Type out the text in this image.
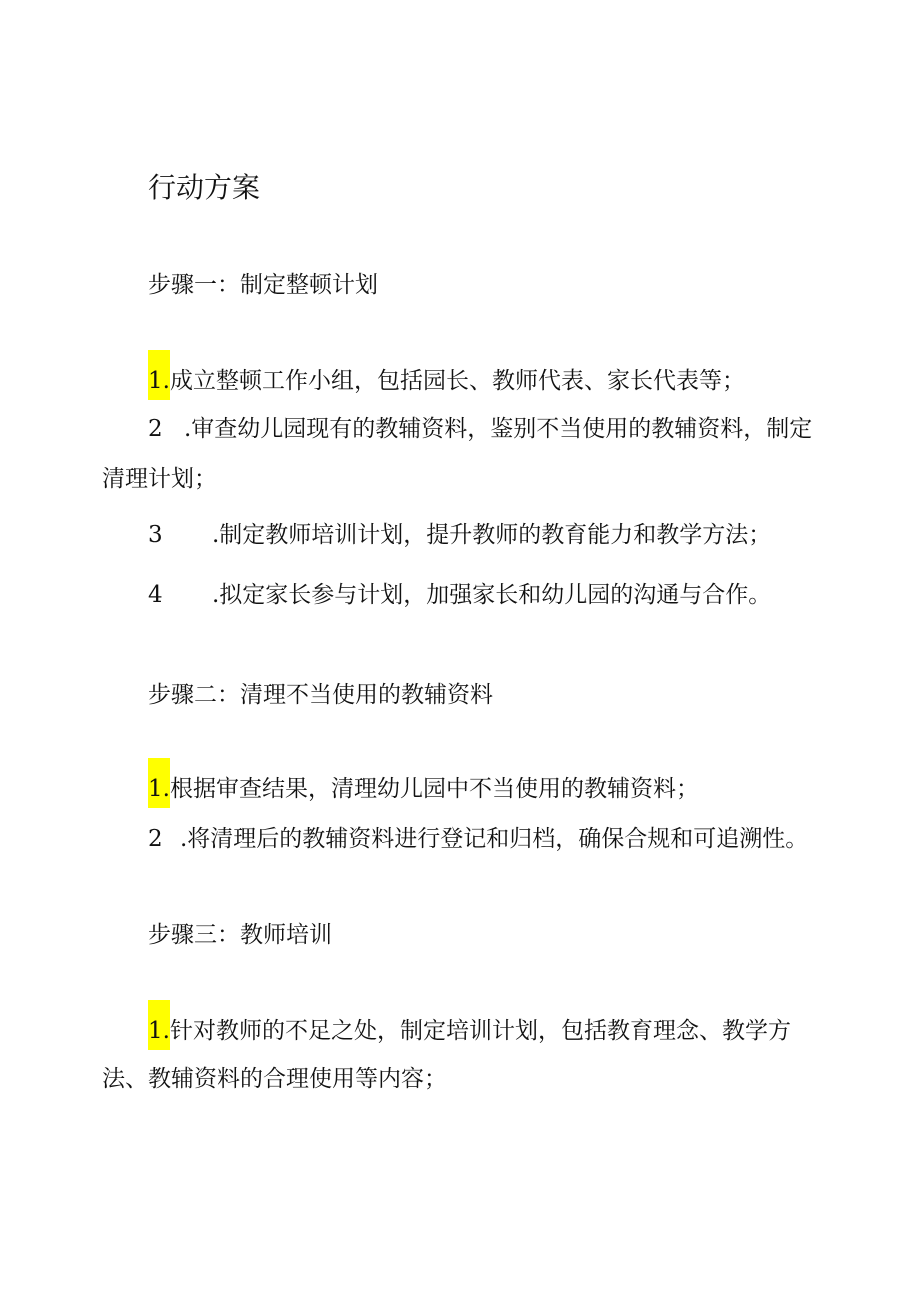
行动方案
步骤一：制定整顿计划
1.成立整顿工作小组，包括园长、教师代表、家长代表等；
2 .审查幼儿园现有的教辅资料，鉴别不当使用的教辅资料，制定
清理计划；
3 .制定教师培训计划，提升教师的教育能力和教学方法；
4 .拟定家长参与计划，加强家长和幼儿园的沟通与合作。
步骤二：清理不当使用的教辅资料
1.根据审查结果，清理幼儿园中不当使用的教辅资料；
2 .将清理后的教辅资料进行登记和归档，确保合规和可追溯性。
步骤三：教师培训
1.针对教师的不足之处，制定培训计划，包括教育理念、教学方
法、教辅资料的合理使用等内容；
